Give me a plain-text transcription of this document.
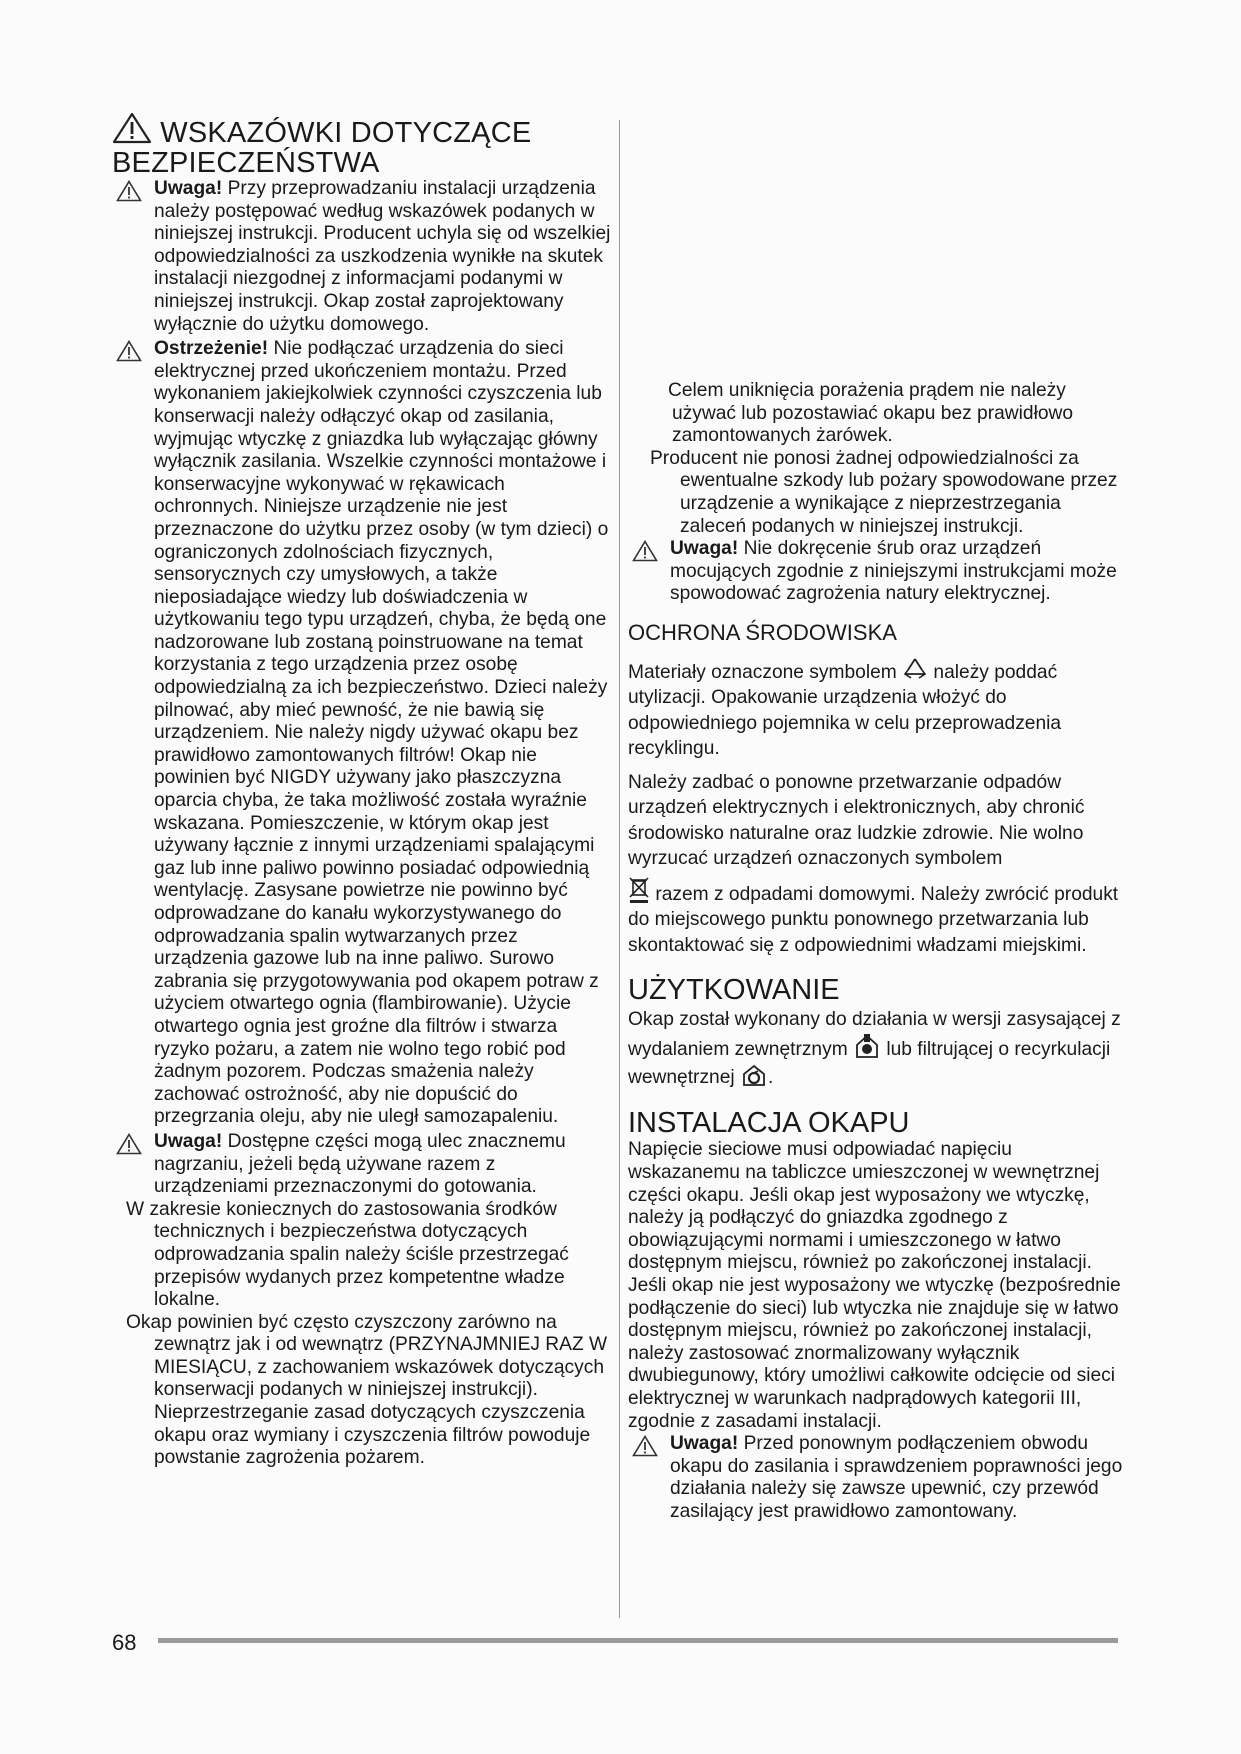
WSKAZÓWKI DOTYCZĄCE
BEZPIECZEŃSTWA
Uwaga! Przy przeprowadzaniu instalacji urządzenia należy postępować według wskazówek podanych w niniejszej instrukcji. Producent uchyla się od wszelkiej odpowiedzialności za uszkodzenia wynikłe na skutek instalacji niezgodnej z informacjami podanymi w niniejszej instrukcji. Okap został zaprojektowany wyłącznie do użytku domowego.
Ostrzeżenie! Nie podłączać urządzenia do sieci elektrycznej przed ukończeniem montażu. Przed wykonaniem jakiejkolwiek czynności czyszczenia lub konserwacji należy odłączyć okap od zasilania, wyjmując wtyczkę z gniazdka lub wyłączając główny wyłącznik zasilania. Wszelkie czynności montażowe i konserwacyjne wykonywać w rękawicach ochronnych. Niniejsze urządzenie nie jest przeznaczone do użytku przez osoby (w tym dzieci) o ograniczonych zdolnościach fizycznych, sensorycznych czy umysłowych, a także nieposiadające wiedzy lub doświadczenia w użytkowaniu tego typu urządzeń, chyba, że będą one nadzorowane lub zostaną poinstruowane na temat korzystania z tego urządzenia przez osobę odpowiedzialną za ich bezpieczeństwo. Dzieci należy pilnować, aby mieć pewność, że nie bawią się urządzeniem. Nie należy nigdy używać okapu bez prawidłowo zamontowanych filtrów! Okap nie powinien być NIGDY używany jako płaszczyzna oparcia chyba, że taka możliwość została wyraźnie wskazana. Pomieszczenie, w którym okap jest używany łącznie z innymi urządzeniami spalającymi gaz lub inne paliwo powinno posiadać odpowiednią wentylację. Zasysane powietrze nie powinno być odprowadzane do kanału wykorzystywanego do odprowadzania spalin wytwarzanych przez urządzenia gazowe lub na inne paliwo. Surowo zabrania się przygotowywania pod okapem potraw z użyciem otwartego ognia (flambirowanie). Użycie otwartego ognia jest groźne dla filtrów i stwarza ryzyko pożaru, a zatem nie wolno tego robić pod żadnym pozorem. Podczas smażenia należy zachować ostrożność, aby nie dopuścić do przegrzania oleju, aby nie uległ samozapaleniu.
Uwaga! Dostępne części mogą ulec znacznemu nagrzaniu, jeżeli będą używane razem z urządzeniami przeznaczonymi do gotowania.

W zakresie koniecznych do zastosowania środków technicznych i bezpieczeństwa dotyczących odprowadzania spalin należy ściśle przestrzegać przepisów wydanych przez kompetentne władze lokalne.

Okap powinien być często czyszczony zarówno na zewnątrz jak i od wewnątrz (PRZYNAJMNIEJ RAZ W MIESIĄCU, z zachowaniem wskazówek dotyczących konserwacji podanych w niniejszej instrukcji). Nieprzestrzeganie zasad dotyczących czyszczenia okapu oraz wymiany i czyszczenia filtrów powoduje powstanie zagrożenia pożarem.

Celem uniknięcia porażenia prądem nie należy używać lub pozostawiać okapu bez prawidłowo zamontowanych żarówek.

Producent nie ponosi żadnej odpowiedzialności za ewentualne szkody lub pożary spowodowane przez urządzenie a wynikające z nieprzestrzegania zaleceń podanych w niniejszej instrukcji.

Uwaga! Nie dokręcenie śrub oraz urządzeń mocujących zgodnie z niniejszymi instrukcjami może spowodować zagrożenia natury elektrycznej.
OCHRONA ŚRODOWISKA

Materiały oznaczone symbolem  należy poddać utylizacji. Opakowanie urządzenia włożyć do odpowiedniego pojemnika w celu przeprowadzenia recyklingu.

Należy zadbać o ponowne przetwarzanie odpadów urządzeń elektrycznych i elektronicznych, aby chronić środowisko naturalne oraz ludzkie zdrowie. Nie wolno wyrzucać urządzeń oznaczonych symbolem

razem z odpadami domowymi. Należy zwrócić produkt do miejscowego punktu ponownego przetwarzania lub skontaktować się z odpowiednimi władzami miejskimi.

UŻYTKOWANIE

Okap został wykonany do działania w wersji zasysającej z wydalaniem zewnętrznym  lub filtrującej o recyrkulacji wewnętrznej .

INSTALACJA OKAPU

Napięcie sieciowe musi odpowiadać napięciu wskazanemu na tabliczce umieszczonej w wewnętrznej części okapu. Jeśli okap jest wyposażony we wtyczkę, należy ją podłączyć do gniazdka zgodnego z obowiązującymi normami i umieszczonego w łatwo dostępnym miejscu, również po zakończonej instalacji.

Jeśli okap nie jest wyposażony we wtyczkę (bezpośrednie podłączenie do sieci) lub wtyczka nie znajduje się w łatwo dostępnym miejscu, również po zakończonej instalacji, należy zastosować znormalizowany wyłącznik dwubiegunowy, który umożliwi całkowite odcięcie od sieci elektrycznej w warunkach nadprądowych kategorii III, zgodnie z zasadami instalacji.

Uwaga! Przed ponownym podłączeniem obwodu okapu do zasilania i sprawdzeniem poprawności jego działania należy się zawsze upewnić, czy przewód zasilający jest prawidłowo zamontowany.

68
